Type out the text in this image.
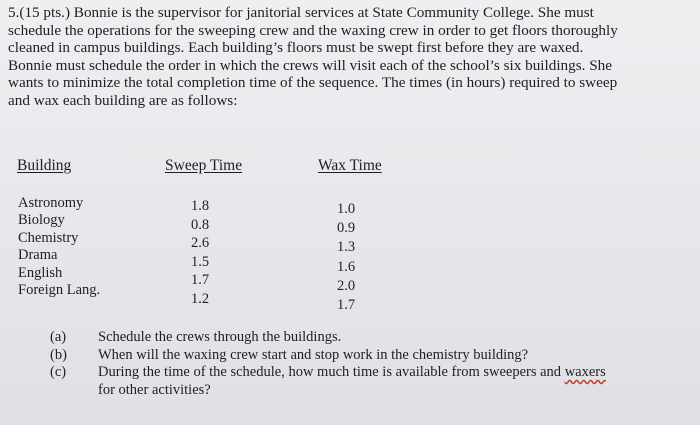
5.(15 pts.) Bonnie is the supervisor for janitorial services at State Community College. She must
schedule the operations for the sweeping crew and the waxing crew in order to get floors thoroughly
cleaned in campus buildings. Each building’s floors must be swept first before they are waxed.
Bonnie must schedule the order in which the crews will visit each of the school’s six buildings. She
wants to minimize the total completion time of the sequence. The times (in hours) required to sweep
and wax each building are as follows:
Building	Sweep Time	Wax Time
Astronomy
Biology
Chemistry
Drama
English
Foreign Lang.
1.8
0.8
2.6
1.5
1.7
1.2
1.0
0.9
1.3
1.6
2.0
1.7
(a)
(b)
(c)
Schedule the crews through the buildings.
When will the waxing crew start and stop work in the chemistry building?
During the time of the schedule, how much time is available from sweepers and waxers
for other activities?
